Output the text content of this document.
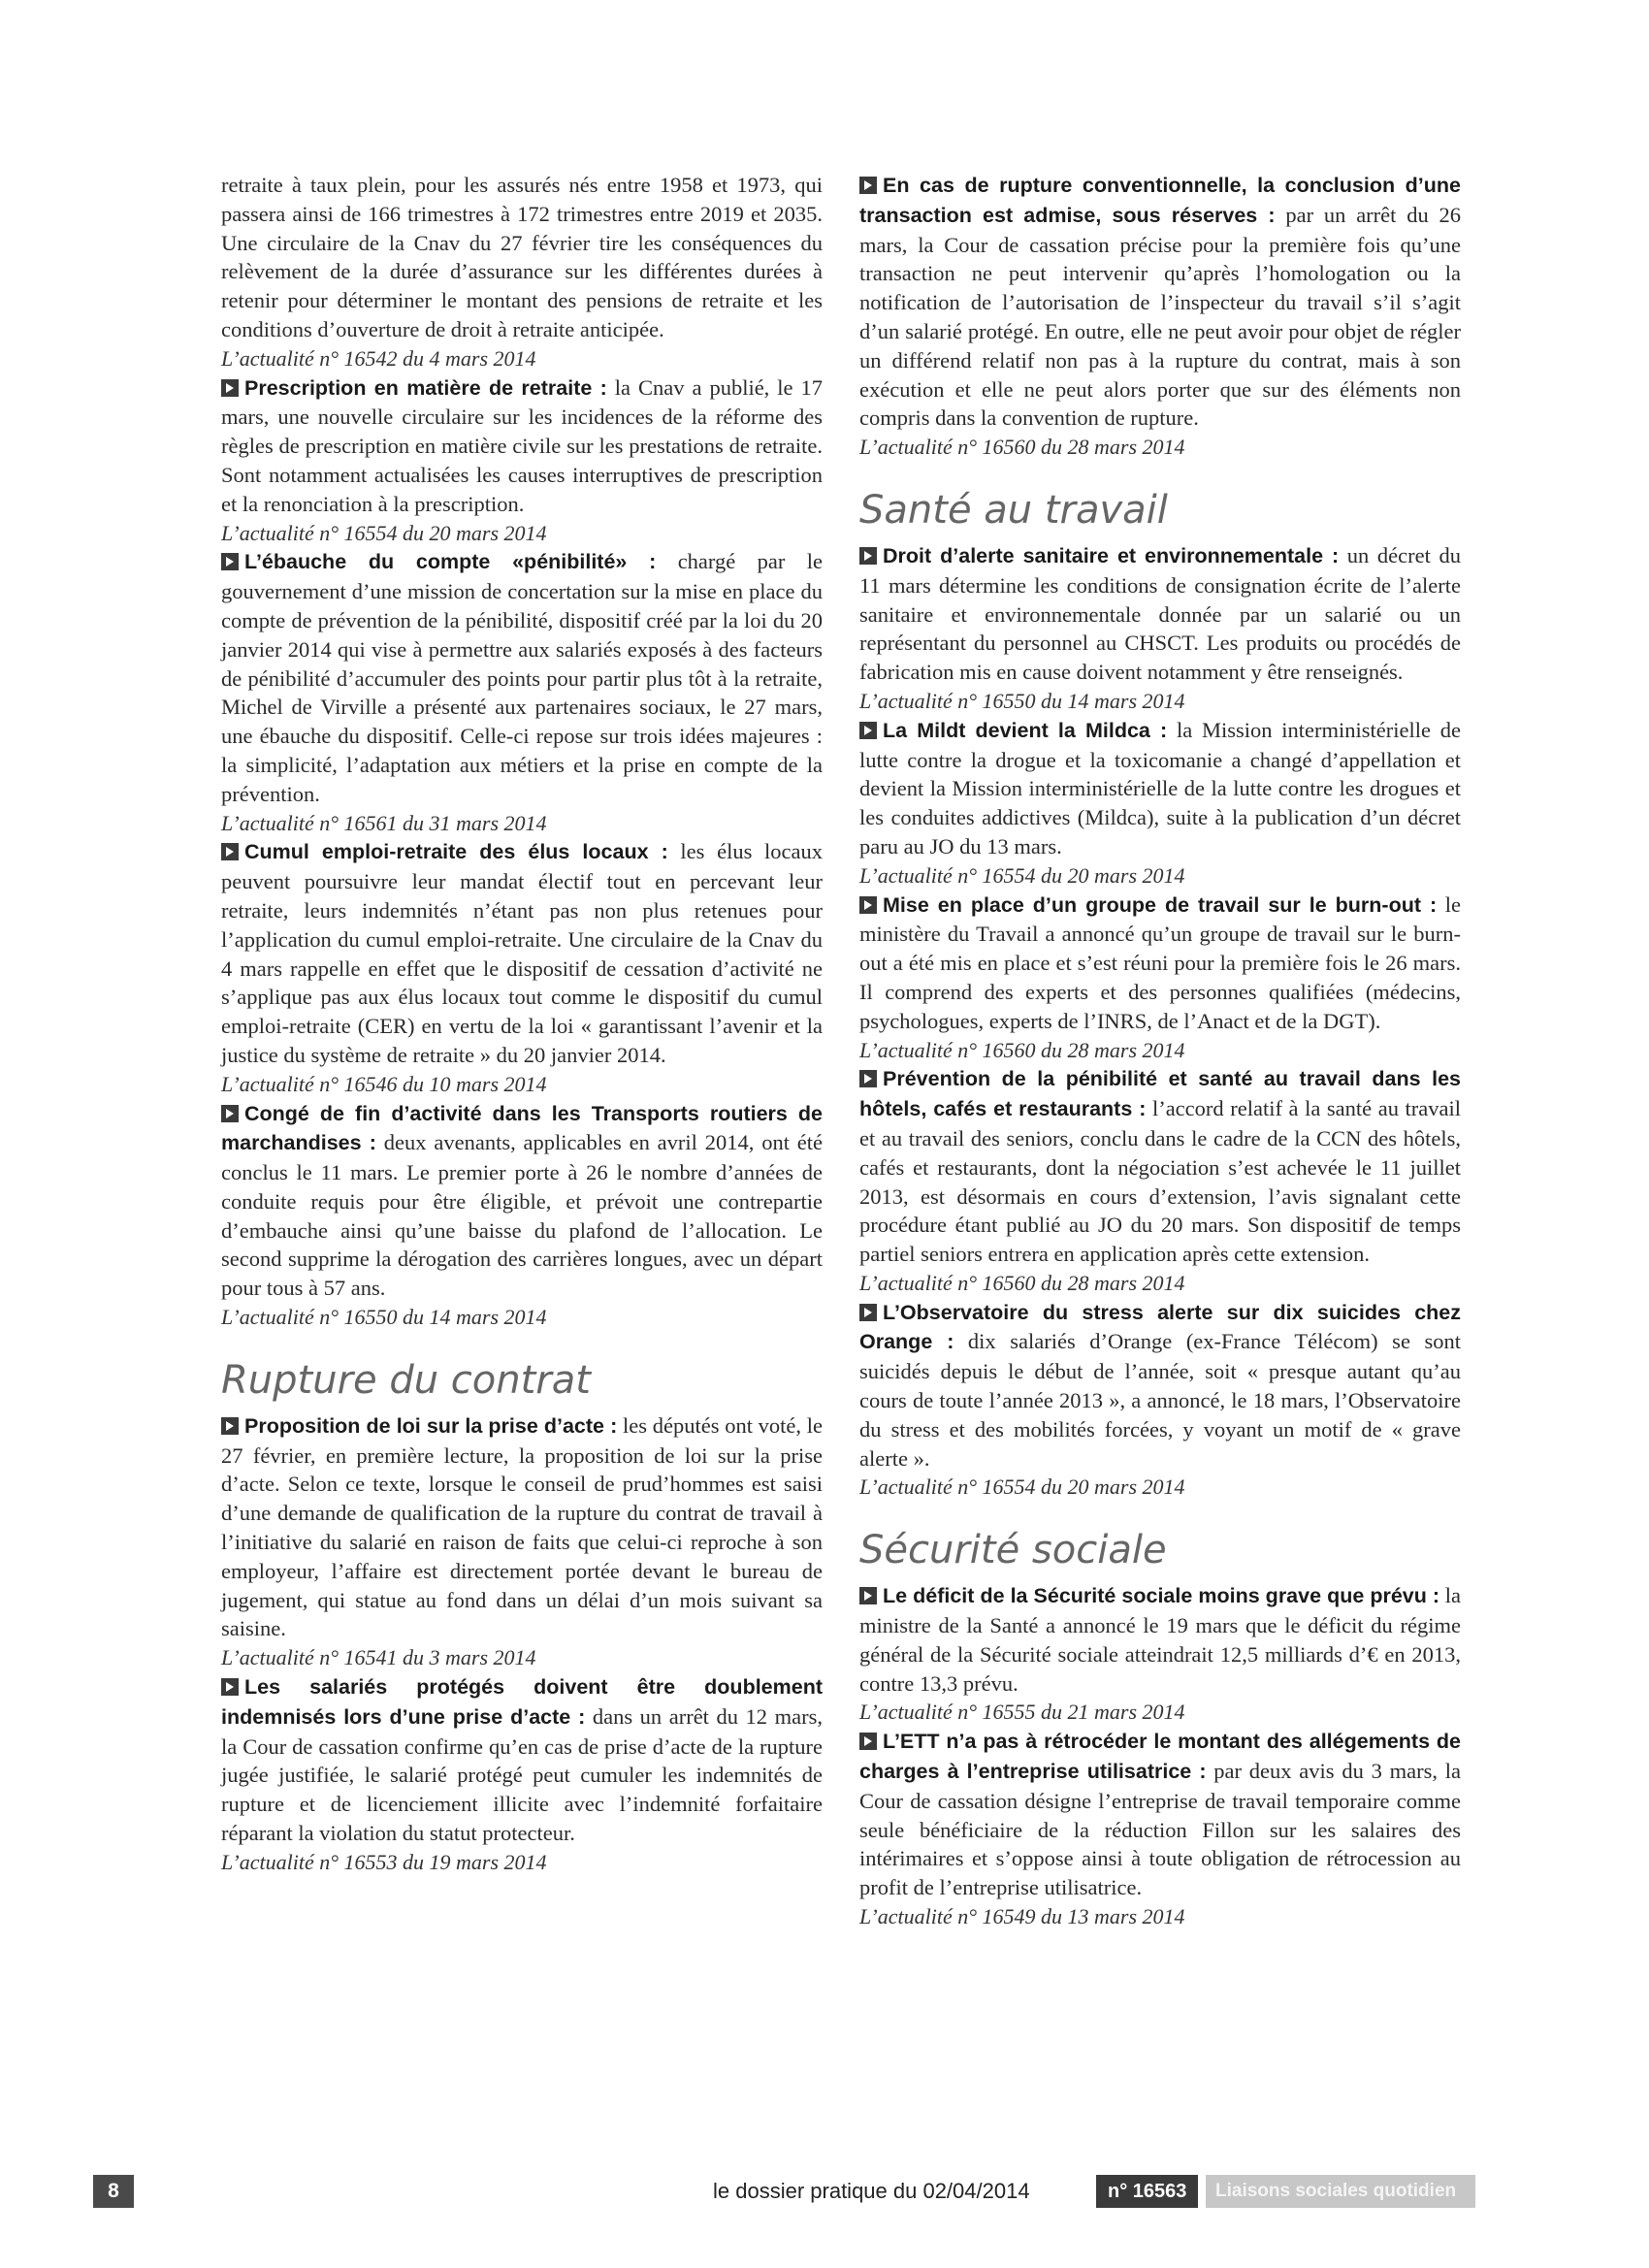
retraite à taux plein, pour les assurés nés entre 1958 et 1973, qui passera ainsi de 166 trimestres à 172 trimestres entre 2019 et 2035. Une circulaire de la Cnav du 27 février tire les conséquences du relèvement de la durée d’assurance sur les différentes durées à retenir pour déterminer le montant des pensions de retraite et les conditions d’ouverture de droit à retraite anticipée.

L’actualité n° 16542 du 4 mars 2014

Prescription en matière de retraite : la Cnav a publié, le 17 mars, une nouvelle circulaire sur les incidences de la réforme des règles de prescription en matière civile sur les prestations de retraite. Sont notamment actualisées les causes interruptives de prescription et la renonciation à la prescription.

L’actualité n° 16554 du 20 mars 2014

L’ébauche du compte «pénibilité» : chargé par le gouvernement d’une mission de concertation sur la mise en place du compte de prévention de la pénibilité, dispositif créé par la loi du 20 janvier 2014 qui vise à permettre aux salariés exposés à des facteurs de pénibilité d’accumuler des points pour partir plus tôt à la retraite, Michel de Virville a présenté aux partenaires sociaux, le 27 mars, une ébauche du dispositif. Celle-ci repose sur trois idées majeures : la simplicité, l’adaptation aux métiers et la prise en compte de la prévention.

L’actualité n° 16561 du 31 mars 2014

Cumul emploi-retraite des élus locaux : les élus locaux peuvent poursuivre leur mandat électif tout en percevant leur retraite, leurs indemnités n’étant pas non plus retenues pour l’application du cumul emploi-retraite. Une circulaire de la Cnav du 4 mars rappelle en effet que le dispositif de cessation d’activité ne s’applique pas aux élus locaux tout comme le dispositif du cumul emploi-retraite (CER) en vertu de la loi « garantissant l’avenir et la justice du système de retraite » du 20 janvier 2014.

L’actualité n° 16546 du 10 mars 2014

Congé de fin d’activité dans les Transports routiers de marchandises : deux avenants, applicables en avril 2014, ont été conclus le 11 mars. Le premier porte à 26 le nombre d’années de conduite requis pour être éligible, et prévoit une contrepartie d’embauche ainsi qu’une baisse du plafond de l’allocation. Le second supprime la dérogation des carrières longues, avec un départ pour tous à 57 ans.

L’actualité n° 16550 du 14 mars 2014

Rupture du contrat

Proposition de loi sur la prise d’acte : les députés ont voté, le 27 février, en première lecture, la proposition de loi sur la prise d’acte. Selon ce texte, lorsque le conseil de prud’hommes est saisi d’une demande de qualification de la rupture du contrat de travail à l’initiative du salarié en raison de faits que celui-ci reproche à son employeur, l’affaire est directement portée devant le bureau de jugement, qui statue au fond dans un délai d’un mois suivant sa saisine.

L’actualité n° 16541 du 3 mars 2014

Les salariés protégés doivent être doublement indemnisés lors d’une prise d’acte : dans un arrêt du 12 mars, la Cour de cassation confirme qu’en cas de prise d’acte de la rupture jugée justifiée, le salarié protégé peut cumuler les indemnités de rupture et de licenciement illicite avec l’indemnité forfaitaire réparant la violation du statut protecteur.

L’actualité n° 16553 du 19 mars 2014

En cas de rupture conventionnelle, la conclusion d’une transaction est admise, sous réserves : par un arrêt du 26 mars, la Cour de cassation précise pour la première fois qu’une transaction ne peut intervenir qu’après l’homologation ou la notification de l’autorisation de l’inspecteur du travail s’il s’agit d’un salarié protégé. En outre, elle ne peut avoir pour objet de régler un différend relatif non pas à la rupture du contrat, mais à son exécution et elle ne peut alors porter que sur des éléments non compris dans la convention de rupture.

L’actualité n° 16560 du 28 mars 2014

Santé au travail

Droit d’alerte sanitaire et environnementale : un décret du 11 mars détermine les conditions de consignation écrite de l’alerte sanitaire et environnementale donnée par un salarié ou un représentant du personnel au CHSCT. Les produits ou procédés de fabrication mis en cause doivent notamment y être renseignés.

L’actualité n° 16550 du 14 mars 2014

La Mildt devient la Mildca : la Mission interministérielle de lutte contre la drogue et la toxicomanie a changé d’appellation et devient la Mission interministérielle de la lutte contre les drogues et les conduites addictives (Mildca), suite à la publication d’un décret paru au JO du 13 mars.

L’actualité n° 16554 du 20 mars 2014

Mise en place d’un groupe de travail sur le burn-out : le ministère du Travail a annoncé qu’un groupe de travail sur le burn-out a été mis en place et s’est réuni pour la première fois le 26 mars. Il comprend des experts et des personnes qualifiées (médecins, psychologues, experts de l’INRS, de l’Anact et de la DGT).

L’actualité n° 16560 du 28 mars 2014

Prévention de la pénibilité et santé au travail dans les hôtels, cafés et restaurants : l’accord relatif à la santé au travail et au travail des seniors, conclu dans le cadre de la CCN des hôtels, cafés et restaurants, dont la négociation s’est achevée le 11 juillet 2013, est désormais en cours d’extension, l’avis signalant cette procédure étant publié au JO du 20 mars. Son dispositif de temps partiel seniors entrera en application après cette extension.

L’actualité n° 16560 du 28 mars 2014

L’Observatoire du stress alerte sur dix suicides chez Orange : dix salariés d’Orange (ex-France Télécom) se sont suicidés depuis le début de l’année, soit « presque autant qu’au cours de toute l’année 2013 », a annoncé, le 18 mars, l’Observatoire du stress et des mobilités forcées, y voyant un motif de « grave alerte ».

L’actualité n° 16554 du 20 mars 2014

Sécurité sociale

Le déficit de la Sécurité sociale moins grave que prévu : la ministre de la Santé a annoncé le 19 mars que le déficit du régime général de la Sécurité sociale atteindrait 12,5 milliards d’€ en 2013, contre 13,3 prévu.

L’actualité n° 16555 du 21 mars 2014

L’ETT n’a pas à rétrocéder le montant des allégements de charges à l’entreprise utilisatrice : par deux avis du 3 mars, la Cour de cassation désigne l’entreprise de travail temporaire comme seule bénéficiaire de la réduction Fillon sur les salaires des intérimaires et s’oppose ainsi à toute obligation de rétrocession au profit de l’entreprise utilisatrice.

L’actualité n° 16549 du 13 mars 2014

8	le dossier pratique du 02/04/2014	n° 16563	Liaisons sociales quotidien
